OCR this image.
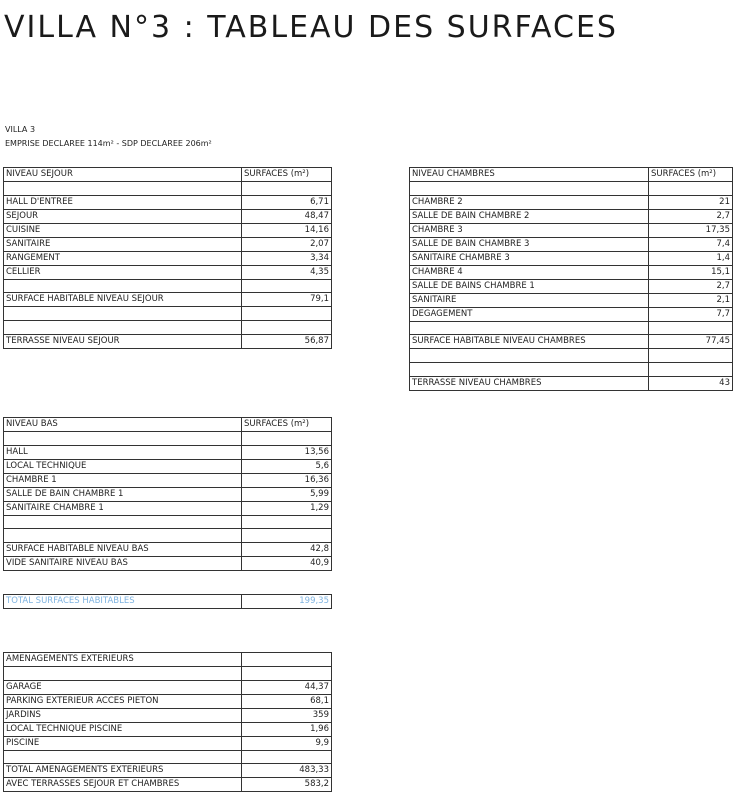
VILLA N°3 : TABLEAU DES SURFACES
VILLA 3
EMPRISE DECLAREE 114m² - SDP DECLAREE 206m²
NIVEAU SEJOUR	SURFACES (m²)

HALL D'ENTREE	6,71
SEJOUR	48,47
CUISINE	14,16
SANITAIRE	2,07
RANGEMENT	3,34
CELLIER	4,35

SURFACE HABITABLE NIVEAU SEJOUR	79,1

TERRASSE NIVEAU SEJOUR	56,87
NIVEAU CHAMBRES	SURFACES (m²)

CHAMBRE 2	21
SALLE DE BAIN CHAMBRE 2	2,7
CHAMBRE 3	17,35
SALLE DE BAIN CHAMBRE 3	7,4
SANITAIRE CHAMBRE 3	1,4
CHAMBRE 4	15,1
SALLE DE BAINS CHAMBRE 1	2,7
SANITAIRE	2,1
DEGAGEMENT	7,7

SURFACE HABITABLE NIVEAU CHAMBRES	77,45

TERRASSE NIVEAU CHAMBRES	43
NIVEAU BAS	SURFACES (m²)

HALL	13,56
LOCAL TECHNIQUE	5,6
CHAMBRE 1	16,36
SALLE DE BAIN CHAMBRE 1	5,99
SANITAIRE CHAMBRE 1	1,29

SURFACE HABITABLE NIVEAU BAS	42,8
VIDE SANITAIRE NIVEAU BAS	40,9
TOTAL SURFACES HABITABLES	199,35
AMENAGEMENTS EXTERIEURS	

GARAGE	44,37
PARKING EXTERIEUR ACCES PIETON	68,1
JARDINS	359
LOCAL TECHNIQUE PISCINE	1,96
PISCINE	9,9

TOTAL AMENAGEMENTS EXTERIEURS	483,33
AVEC TERRASSES SEJOUR ET CHAMBRES	583,2
